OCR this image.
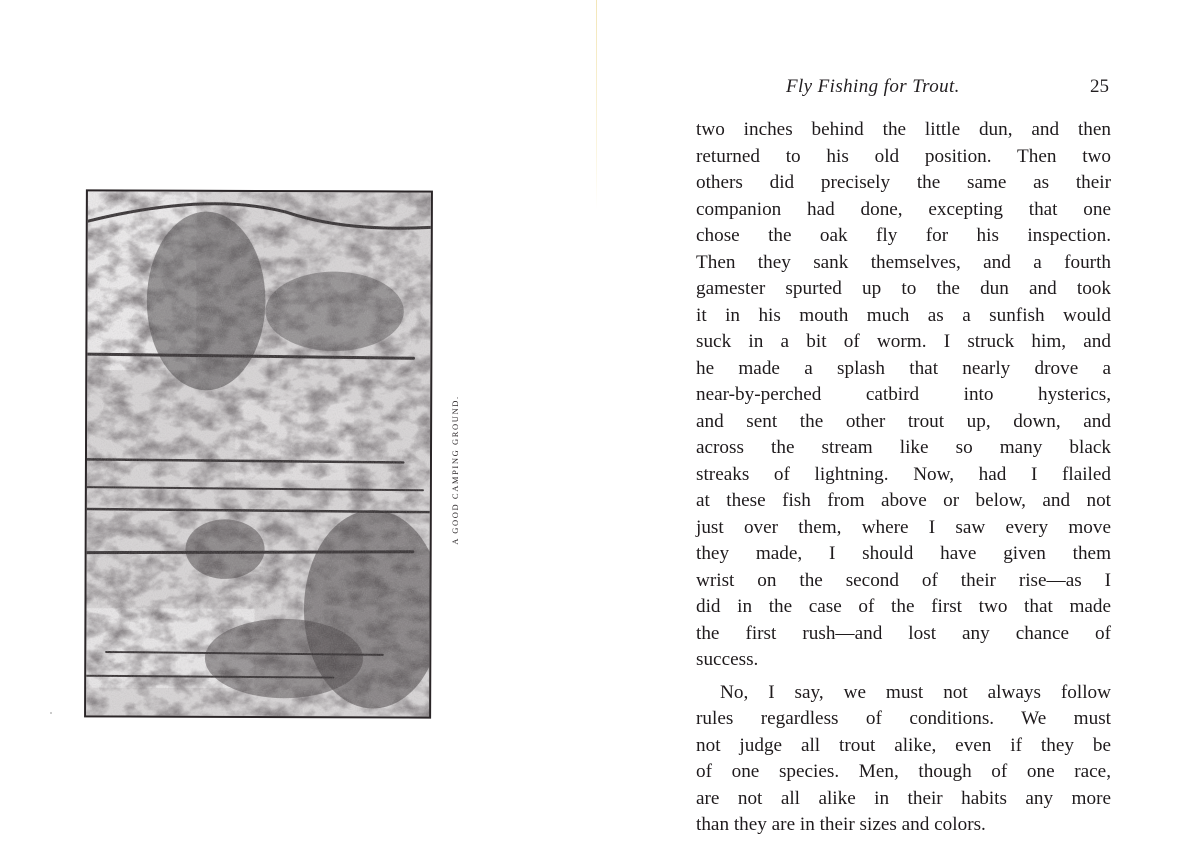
A GOOD CAMPING GROUND.
Fly Fishing for Trout.	25
two inches behind the little dun, and then
returned to his old position. Then two
others did precisely the same as their
companion had done, excepting that one
chose the oak fly for his inspection.
Then they sank themselves, and a fourth
gamester spurted up to the dun and took
it in his mouth much as a sunfish would
suck in a bit of worm. I struck him, and
he made a splash that nearly drove a
near-by-perched catbird into hysterics,
and sent the other trout up, down, and
across the stream like so many black
streaks of lightning. Now, had I flailed
at these fish from above or below, and not
just over them, where I saw every move
they made, I should have given them
wrist on the second of their rise—as I
did in the case of the first two that made
the first rush—and lost any chance of
success.
No, I say, we must not always follow
rules regardless of conditions. We must
not judge all trout alike, even if they be
of one species. Men, though of one race,
are not all alike in their habits any more
than they are in their sizes and colors.
